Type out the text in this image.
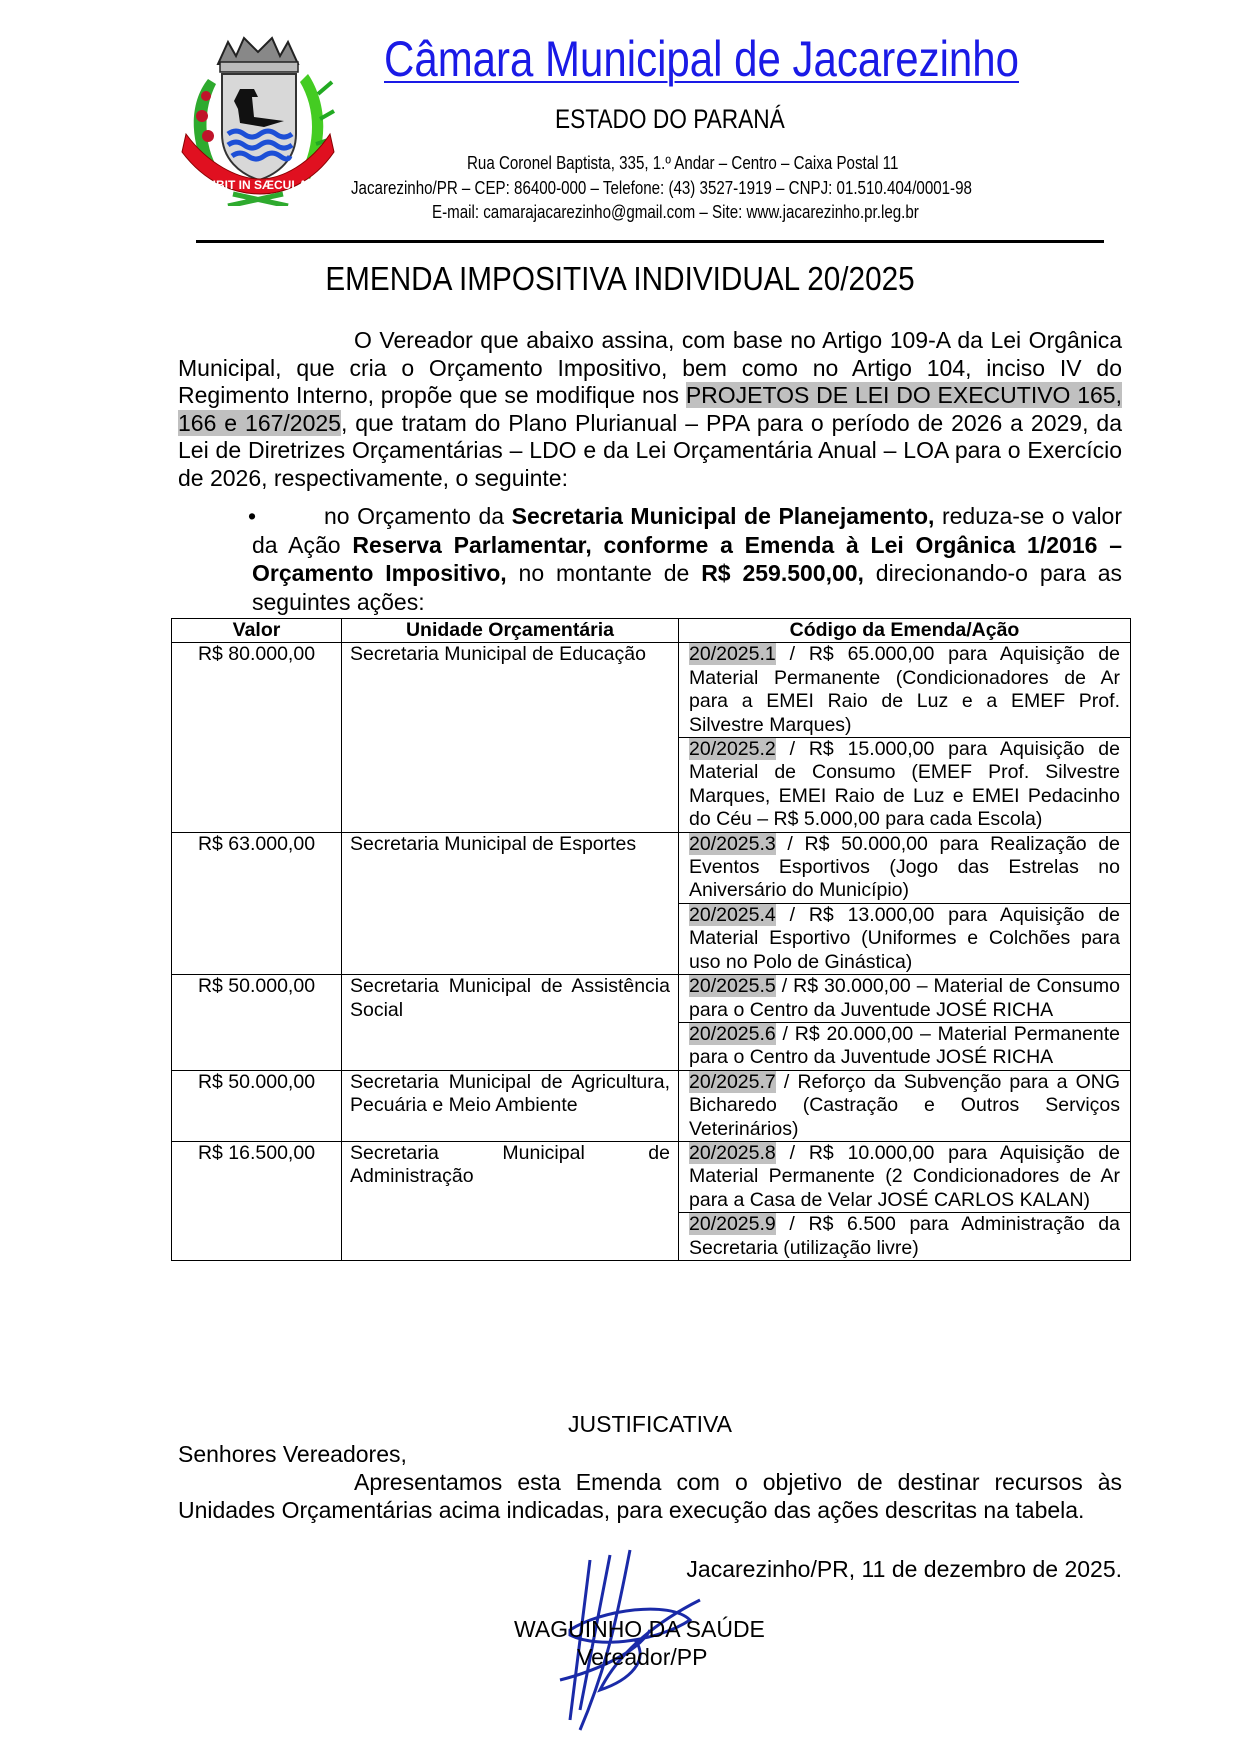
IBIT IN SÆCULA
Câmara Municipal de Jacarezinho
ESTADO DO PARANÁ
Rua Coronel Baptista, 335, 1.º Andar – Centro – Caixa Postal 11
Jacarezinho/PR – CEP: 86400-000 – Telefone: (43) 3527-1919 – CNPJ: 01.510.404/0001-98
E-mail: camarajacarezinho@gmail.com – Site: www.jacarezinho.pr.leg.br
EMENDA IMPOSITIVA INDIVIDUAL 20/2025
O Vereador que abaixo assina, com base no Artigo 109-A da Lei Orgânica Municipal, que cria o Orçamento Impositivo, bem como no Artigo 104, inciso IV do Regimento Interno, propõe que se modifique nos PROJETOS DE LEI DO EXECUTIVO 165, 166 e 167/2025, que tratam do Plano Plurianual – PPA para o período de 2026 a 2029, da Lei de Diretrizes Orçamentárias – LDO e da Lei Orçamentária Anual – LOA para o Exercício de 2026, respectivamente, o seguinte:
•	no Orçamento da Secretaria Municipal de Planejamento, reduza-se o valor da Ação Reserva Parlamentar, conforme a Emenda à Lei Orgânica 1/2016 – Orçamento Impositivo, no montante de R$ 259.500,00, direcionando-o para as seguintes ações:
Valor	Unidade Orçamentária	Código da Emenda/Ação
R$ 80.000,00	Secretaria Municipal de Educação	20/2025.1 / R$ 65.000,00 para Aquisição de Material Permanente (Condicionadores de Ar para a EMEI Raio de Luz e a EMEF Prof. Silvestre Marques)
20/2025.2 / R$ 15.000,00 para Aquisição de Material de Consumo (EMEF Prof. Silvestre Marques, EMEI Raio de Luz e EMEI Pedacinho do Céu – R$ 5.000,00 para cada Escola)

R$ 63.000,00	Secretaria Municipal de Esportes	20/2025.3 / R$ 50.000,00 para Realização de Eventos Esportivos (Jogo das Estrelas no Aniversário do Município)
20/2025.4 / R$ 13.000,00 para Aquisição de Material Esportivo (Uniformes e Colchões para uso no Polo de Ginástica)

R$ 50.000,00	Secretaria Municipal de Assistência Social	20/2025.5 / R$ 30.000,00 – Material de Consumo para o Centro da Juventude JOSÉ RICHA
20/2025.6 / R$ 20.000,00 – Material Permanente para o Centro da Juventude JOSÉ RICHA

R$ 50.000,00	Secretaria Municipal de Agricultura, Pecuária e Meio Ambiente	20/2025.7 / Reforço da Subvenção para a ONG Bicharedo (Castração e Outros Serviços Veterinários)

R$ 16.500,00	Secretaria Municipal de Administração	20/2025.8 / R$ 10.000,00 para Aquisição de Material Permanente (2 Condicionadores de Ar para a Casa de Velar JOSÉ CARLOS KALAN)
20/2025.9 / R$ 6.500 para Administração da Secretaria (utilização livre)
JUSTIFICATIVA
Senhores Vereadores,
Apresentamos esta Emenda com o objetivo de destinar recursos às Unidades Orçamentárias acima indicadas, para execução das ações descritas na tabela.
Jacarezinho/PR, 11 de dezembro de 2025.
WAGUINHO DA SAÚDE
Vereador/PP
